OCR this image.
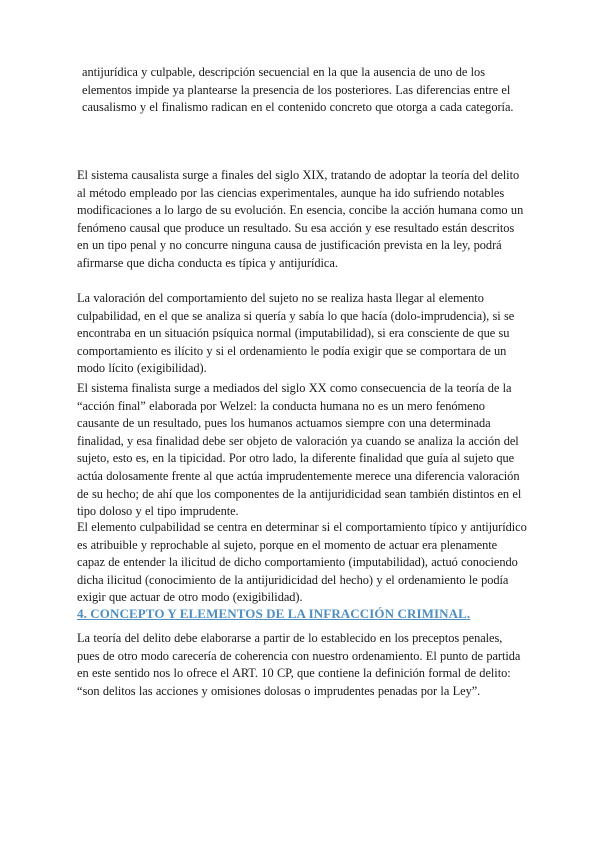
antijurídica y culpable, descripción secuencial en la que la ausencia de uno de los elementos impide ya plantearse la presencia de los posteriores. Las diferencias entre el causalismo y el finalismo radican en el contenido concreto que otorga a cada categoría.

El sistema causalista surge a finales del siglo XIX, tratando de adoptar la teoría del delito al método empleado por las ciencias experimentales, aunque ha ido sufriendo notables modificaciones a lo largo de su evolución. En esencia, concibe la acción humana como un fenómeno causal que produce un resultado. Su esa acción y ese resultado están descritos en un tipo penal y no concurre ninguna causa de justificación prevista en la ley, podrá afirmarse que dicha conducta es típica y antijurídica.

La valoración del comportamiento del sujeto no se realiza hasta llegar al elemento culpabilidad, en el que se analiza si quería y sabía lo que hacía (dolo-imprudencia), si se encontraba en un situación psíquica normal (imputabilidad), si era consciente de que su comportamiento es ilícito y si el ordenamiento le podía exigir que se comportara de un modo lícito (exigibilidad).

El sistema finalista surge a mediados del siglo XX como consecuencia de la teoría de la “acción final” elaborada por Welzel: la conducta humana no es un mero fenómeno causante de un resultado, pues los humanos actuamos siempre con una determinada finalidad, y esa finalidad debe ser objeto de valoración ya cuando se analiza la acción del sujeto, esto es, en la tipicidad. Por otro lado, la diferente finalidad que guía al sujeto que actúa dolosamente frente al que actúa imprudentemente merece una diferencia valoración de su hecho; de ahí que los componentes de la antijuridicidad sean también distintos en el tipo doloso y el tipo imprudente.

El elemento culpabilidad se centra en determinar si el comportamiento típico y antijurídico es atribuible y reprochable al sujeto, porque en el momento de actuar era plenamente capaz de entender la ilicitud de dicho comportamiento (imputabilidad), actuó conociendo dicha ilicitud (conocimiento de la antijuridicidad del hecho) y el ordenamiento le podía exigir que actuar de otro modo (exigibilidad).

4. CONCEPTO Y ELEMENTOS DE LA INFRACCIÓN CRIMINAL.

La teoría del delito debe elaborarse a partir de lo establecido en los preceptos penales, pues de otro modo carecería de coherencia con nuestro ordenamiento. El punto de partida en este sentido nos lo ofrece el ART. 10 CP, que contiene la definición formal de delito: “son delitos las acciones y omisiones dolosas o imprudentes penadas por la Ley”.
